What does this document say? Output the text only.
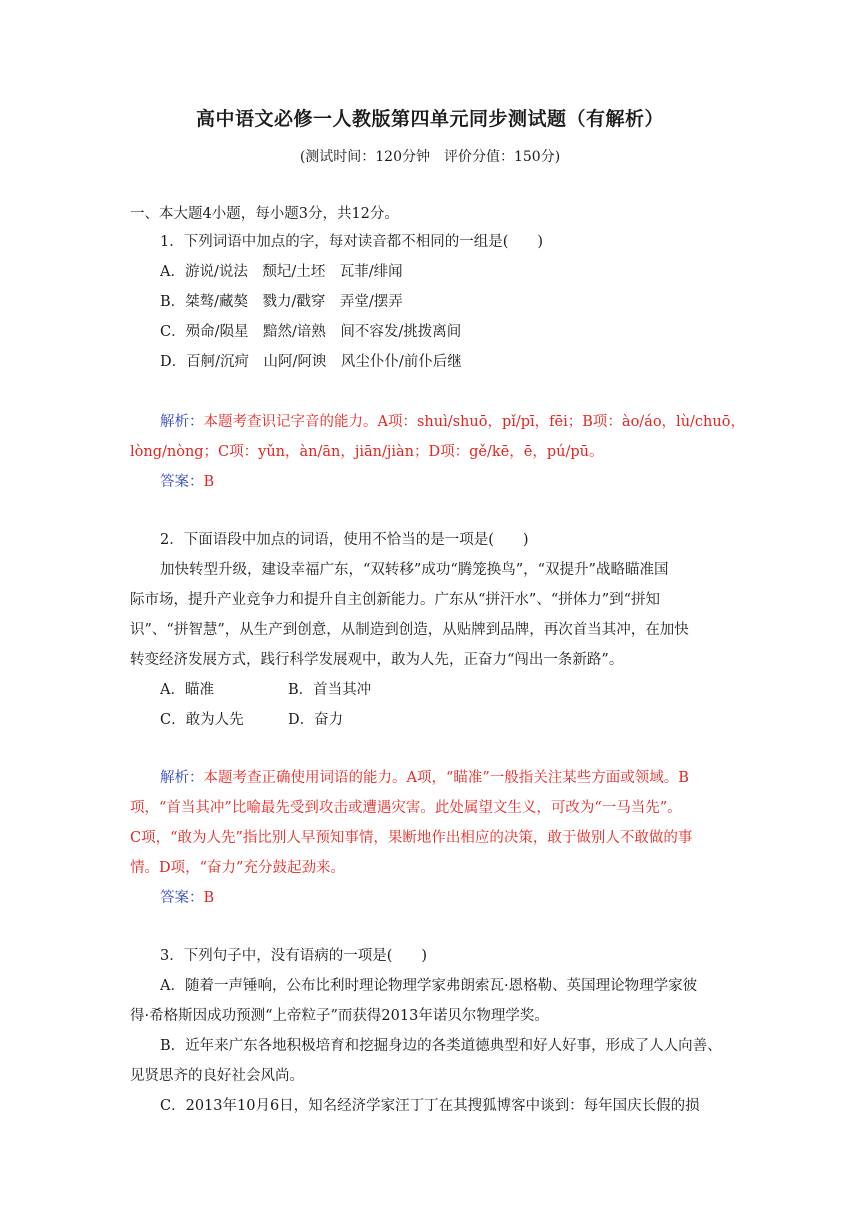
高中语文必修一人教版第四单元同步测试题（有解析）
(测试时间：120分钟　评价分值：150分)
一、本大题4小题，每小题3分，共12分。
1．下列词语中加点的字，每对读音都不相同的一组是(　　)
A．游说/说法　颓圮/土坯　瓦菲/绯闻
B．桀骜/藏獒　戮力/戳穿　弄堂/摆弄
C．殒命/陨星　黯然/谙熟　间不容发/挑拨离间
D．百舸/沉疴　山阿/阿谀　风尘仆仆/前仆后继
解析：本题考查识记字音的能力。A项：shuì/shuō，pǐ/pī，fēi；B项：ào/áo，lù/chuō，
lòng/nòng；C项：yǔn，àn/ān，jiān/jiàn；D项：gě/kē，ē，pú/pū。
答案：B
2．下面语段中加点的词语，使用不恰当的是一项是(　　)
加快转型升级，建设幸福广东，“双转移”成功“腾笼换鸟”，“双提升”战略瞄准国
际市场，提升产业竞争力和提升自主创新能力。广东从“拼汗水”、“拼体力”到“拼知
识”、“拼智慧”，从生产到创意，从制造到创造，从贴牌到品牌，再次首当其冲，在加快
转变经济发展方式，践行科学发展观中，敢为人先，正奋力“闯出一条新路”。
A．瞄准	B．首当其冲
C．敢为人先	D．奋力
解析：本题考查正确使用词语的能力。A项，“瞄准”一般指关注某些方面或领域。B
项，“首当其冲”比喻最先受到攻击或遭遇灾害。此处属望文生义，可改为“一马当先”。
C项，“敢为人先”指比别人早预知事情，果断地作出相应的决策，敢于做别人不敢做的事
情。D项，“奋力”充分鼓起劲来。
答案：B
3．下列句子中，没有语病的一项是(　　)
A．随着一声锤响，公布比利时理论物理学家弗朗索瓦·恩格勒、英国理论物理学家彼
得·希格斯因成功预测“上帝粒子”而获得2013年诺贝尔物理学奖。
B．近年来广东各地积极培育和挖掘身边的各类道德典型和好人好事，形成了人人向善、
见贤思齐的良好社会风尚。
C．2013年10月6日，知名经济学家汪丁丁在其搜狐博客中谈到：每年国庆长假的损
